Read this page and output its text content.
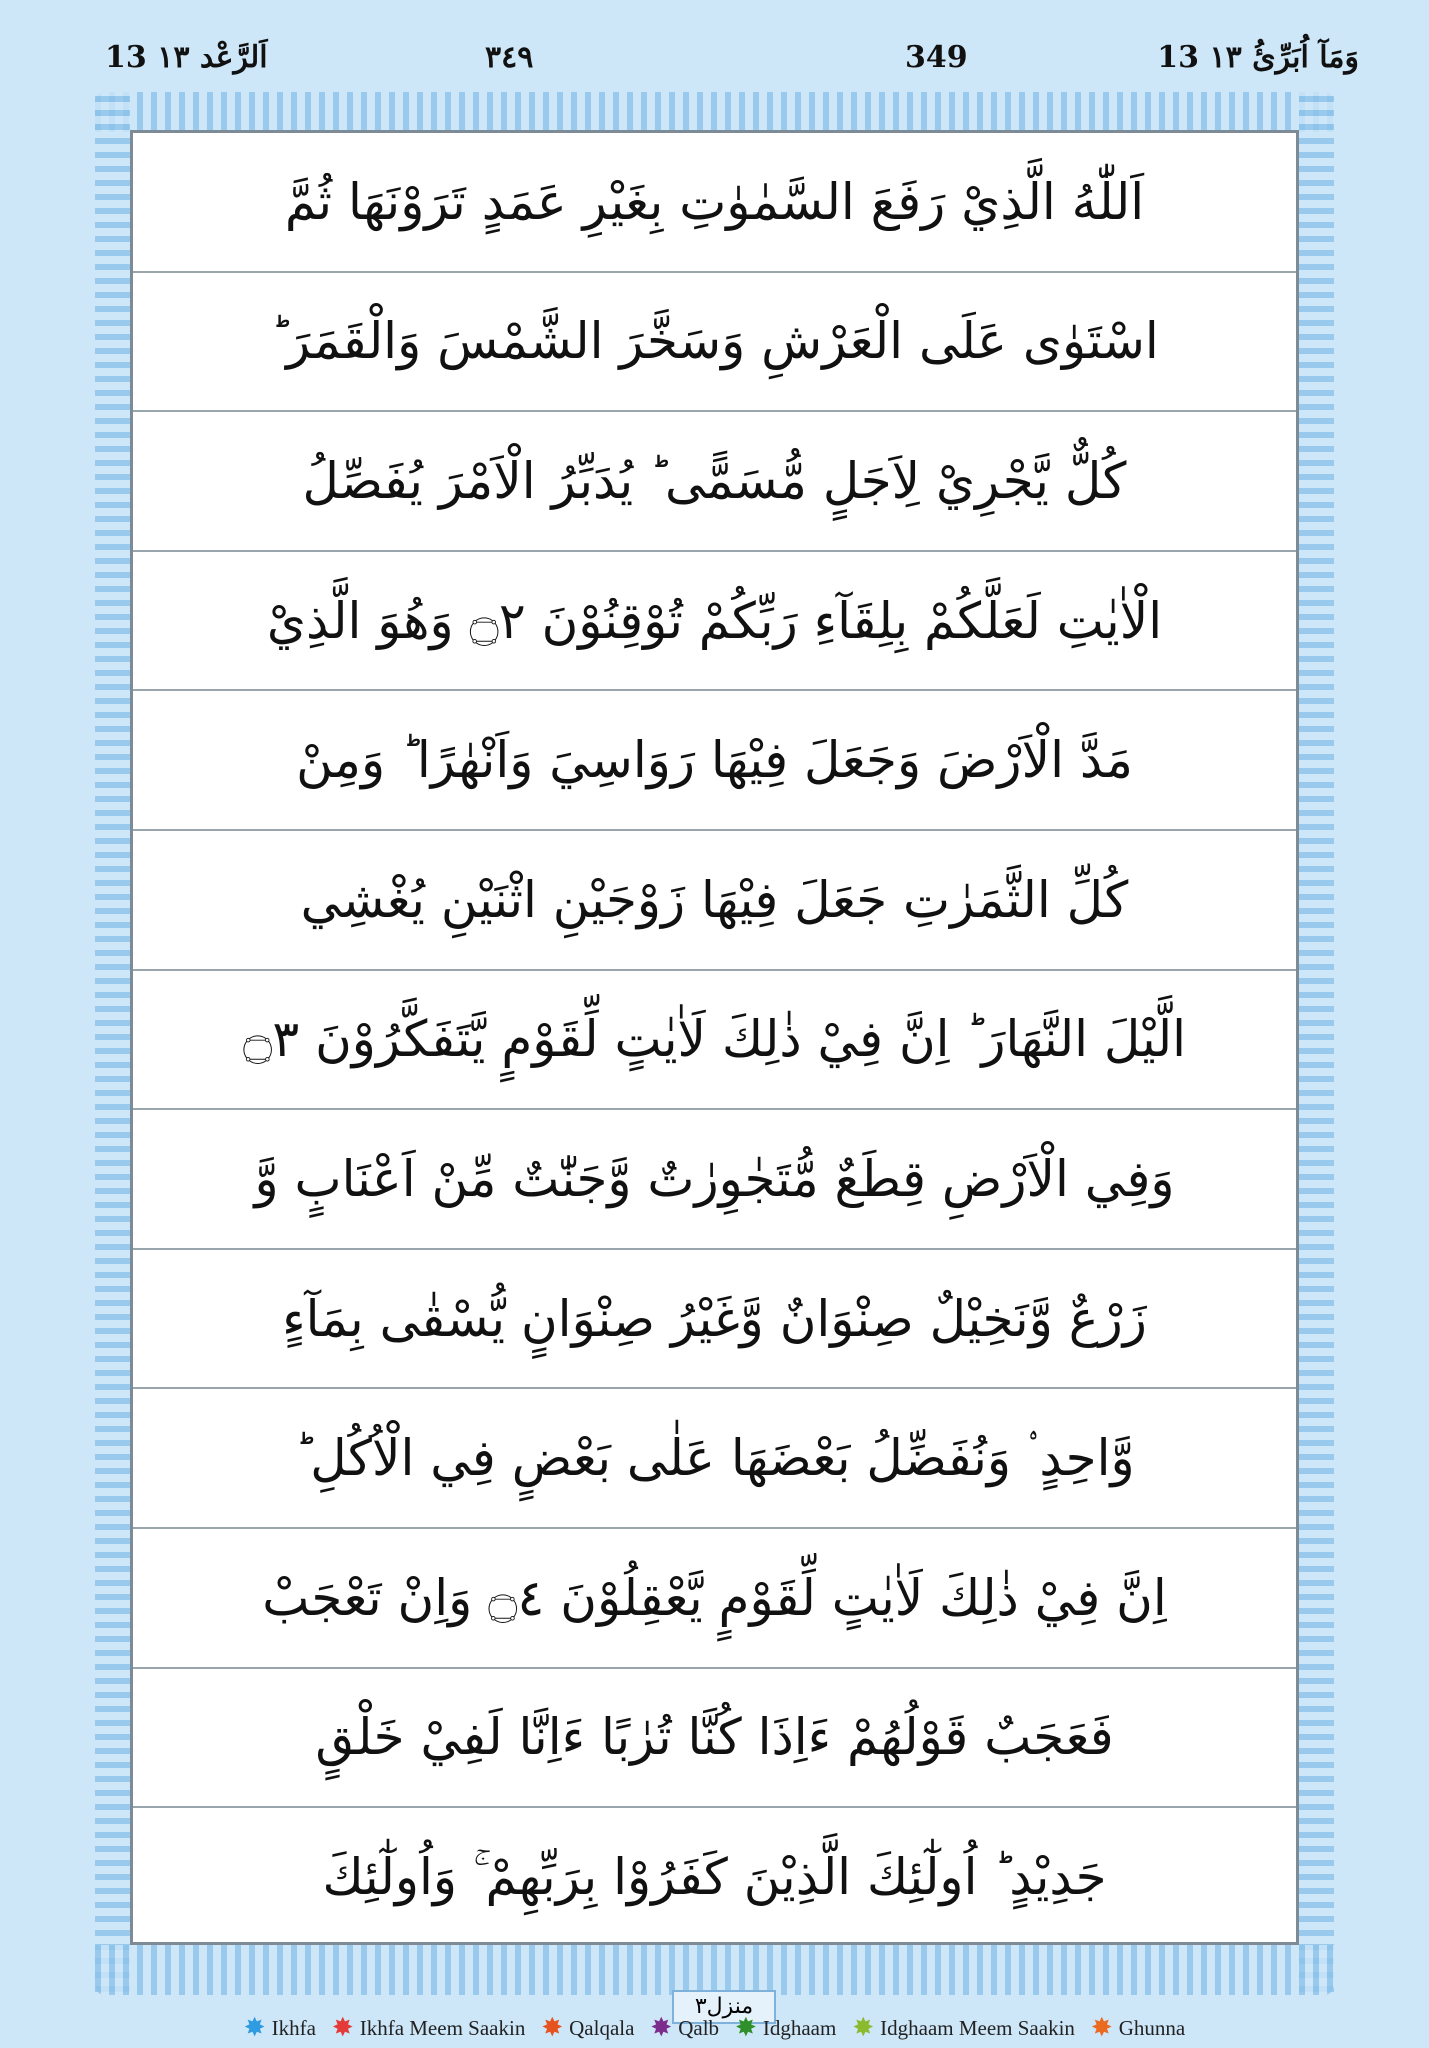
13 وَمَآ اُبَرِّئُ ١٣
349
٣٤٩
13 اَلرَّعْد ١٣
اَللّٰهُ الَّذِيْ رَفَعَ السَّمٰوٰتِ بِغَيْرِ عَمَدٍ تَرَوْنَهَا ثُمَّ
اسْتَوٰى عَلَى الْعَرْشِ وَسَخَّرَ الشَّمْسَ وَالْقَمَرَ ؕ
كُلٌّ يَّجْرِيْ لِاَجَلٍ مُّسَمًّى ؕ يُدَبِّرُ الْاَمْرَ يُفَصِّلُ
الْاٰيٰتِ لَعَلَّكُمْ بِلِقَآءِ رَبِّكُمْ تُوْقِنُوْنَ ۝٢ وَهُوَ الَّذِيْ
مَدَّ الْاَرْضَ وَجَعَلَ فِيْهَا رَوَاسِيَ وَاَنْهٰرًا ؕ وَمِنْ
كُلِّ الثَّمَرٰتِ جَعَلَ فِيْهَا زَوْجَيْنِ اثْنَيْنِ يُغْشِي
الَّيْلَ النَّهَارَ ؕ اِنَّ فِيْ ذٰلِكَ لَاٰيٰتٍ لِّقَوْمٍ يَّتَفَكَّرُوْنَ ۝٣
وَفِي الْاَرْضِ قِطَعٌ مُّتَجٰوِرٰتٌ وَّجَنّٰتٌ مِّنْ اَعْنَابٍ وَّ
زَرْعٌ وَّنَخِيْلٌ صِنْوَانٌ وَّغَيْرُ صِنْوَانٍ يُّسْقٰى بِمَآءٍ
وَّاحِدٍ ۟ وَنُفَضِّلُ بَعْضَهَا عَلٰى بَعْضٍ فِي الْاُكُلِ ؕ
اِنَّ فِيْ ذٰلِكَ لَاٰيٰتٍ لِّقَوْمٍ يَّعْقِلُوْنَ ۝٤ وَاِنْ تَعْجَبْ
فَعَجَبٌ قَوْلُهُمْ ءَاِذَا كُنَّا تُرٰبًا ءَاِنَّا لَفِيْ خَلْقٍ
جَدِيْدٍ ؕ اُولٰٓئِكَ الَّذِيْنَ كَفَرُوْا بِرَبِّهِمْ ۚ وَاُولٰٓئِكَ
منزل٣
✸ Ikhfa ✸ Ikhfa Meem Saakin ✸ Qalqala ✸ Qalb ✸ Idghaam ✸ Idghaam Meem Saakin ✸ Ghunna
